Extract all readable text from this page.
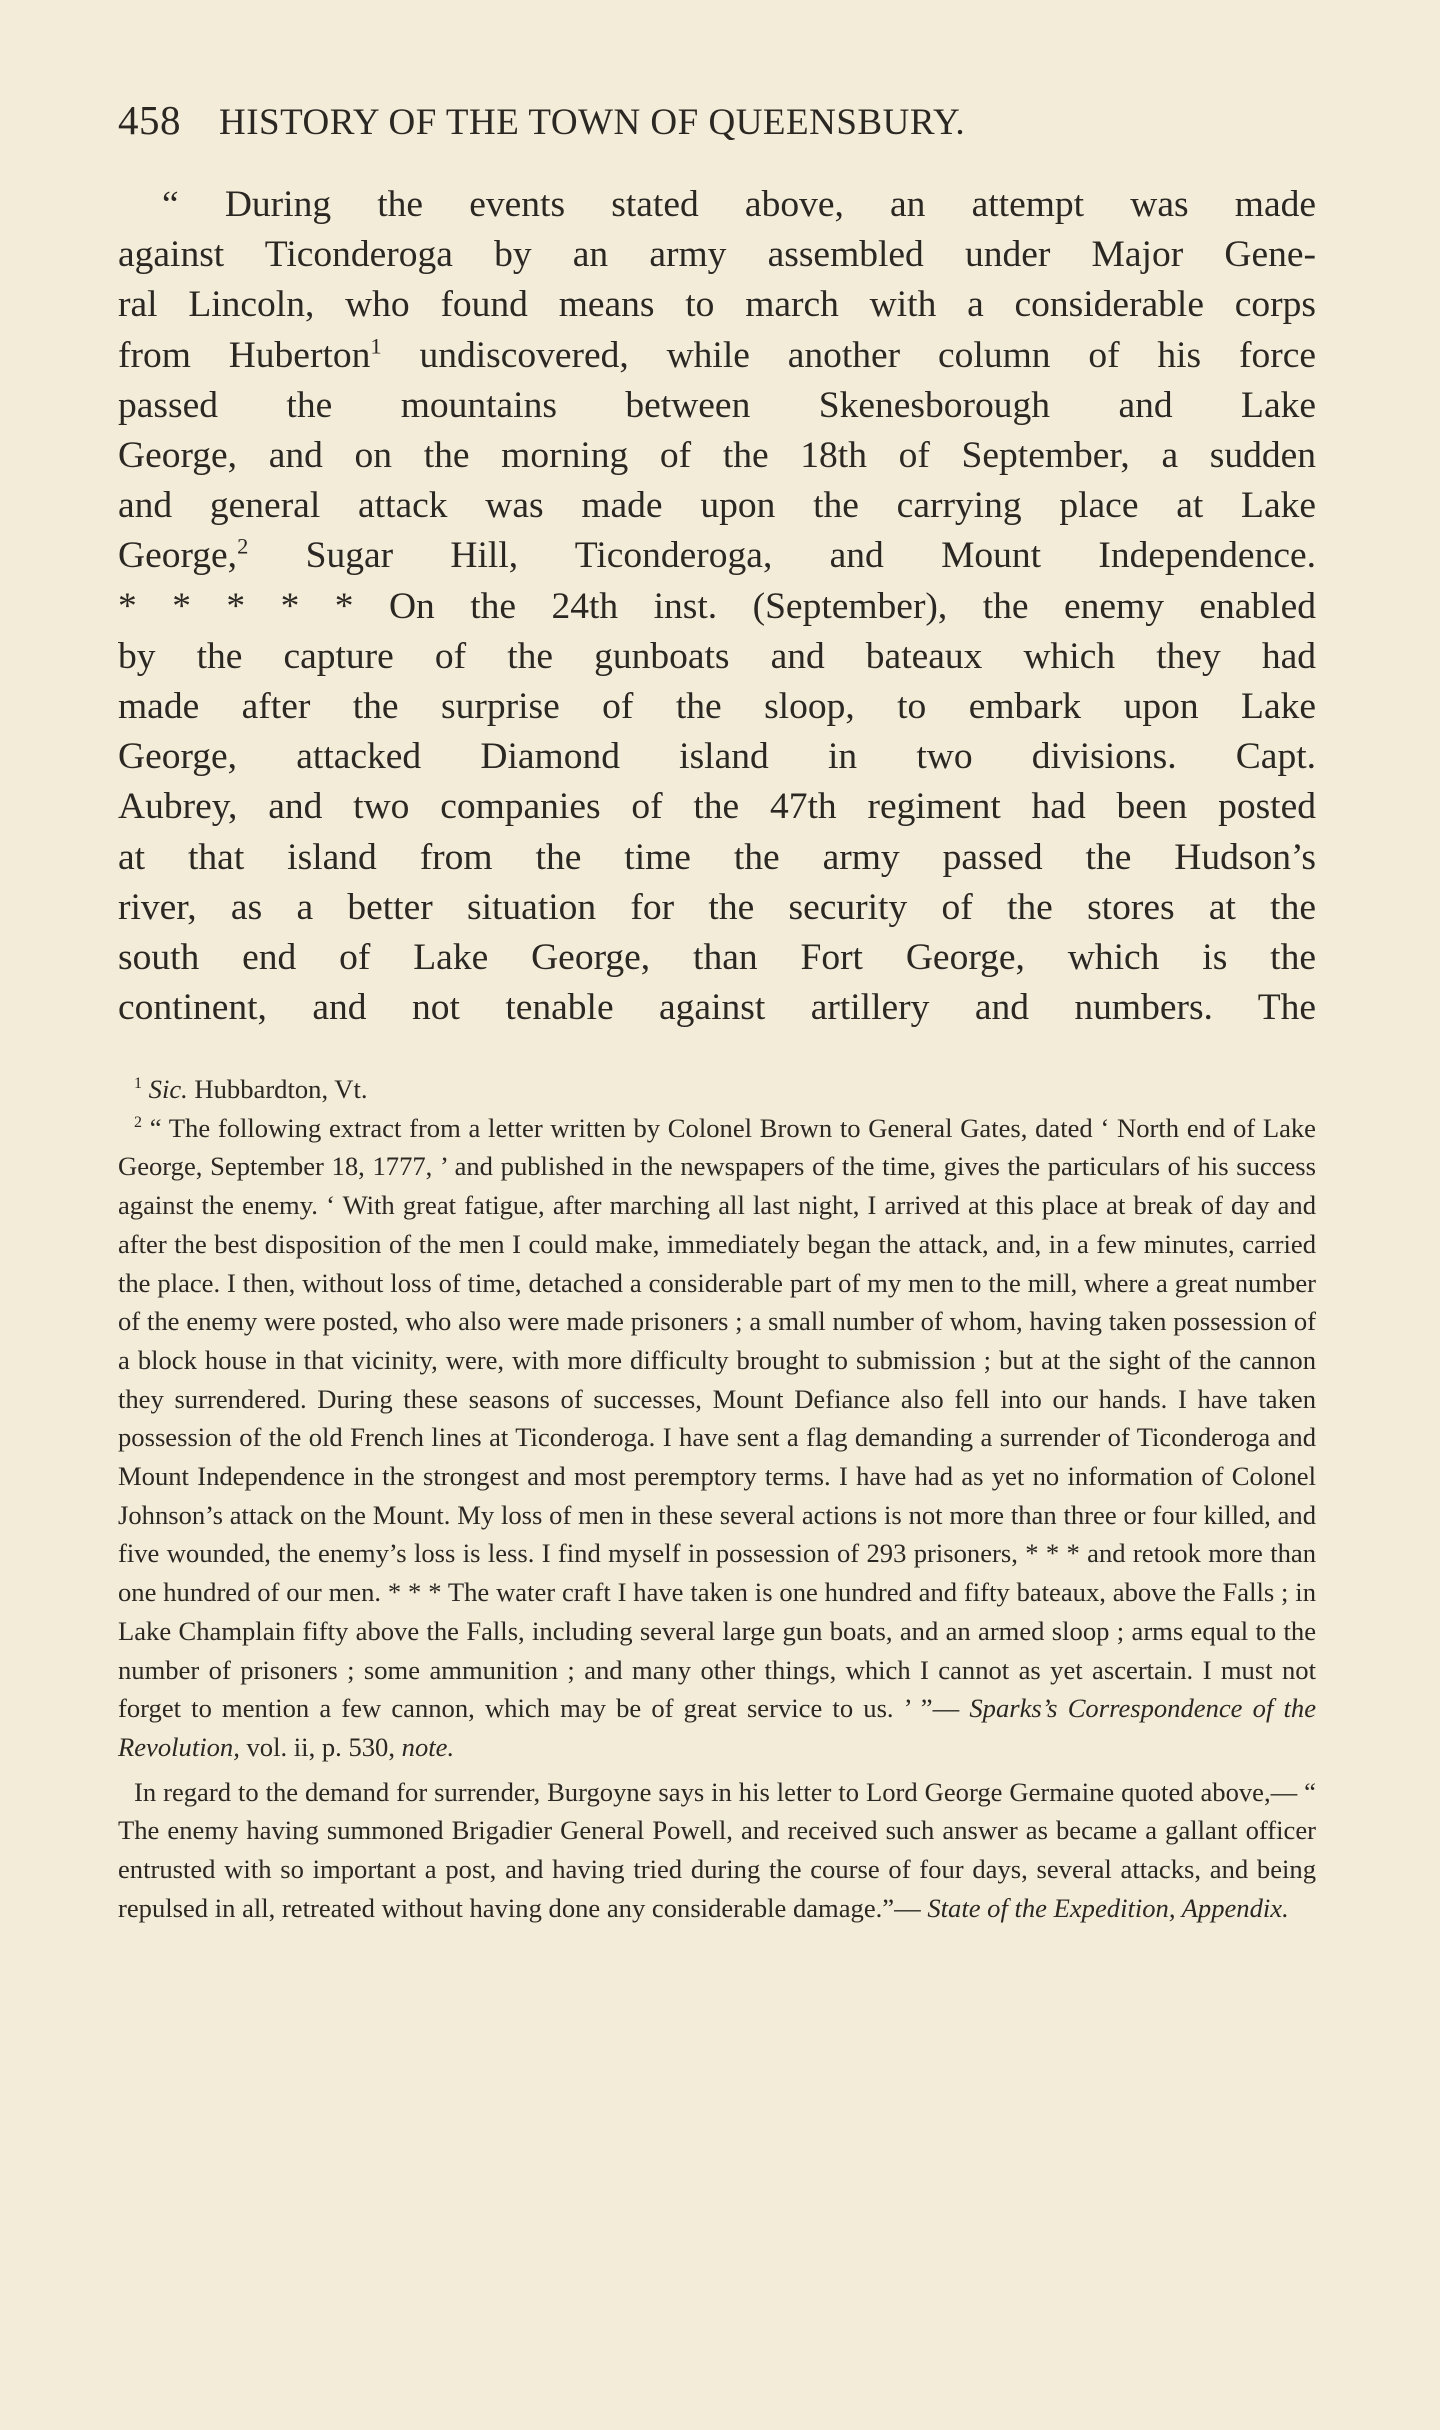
458 HISTORY OF THE TOWN OF QUEENSBURY.
“ During the events stated above, an attempt was made
against Ticonderoga by an army assembled under Major Gene-
ral Lincoln, who found means to march with a considerable corps
from Huberton$^1$ undiscovered, while another column of his force
passed the mountains between Skenesborough and Lake
George, and on the morning of the 18th of September, a sudden
and general attack was made upon the carrying place at Lake
George,$^2$ Sugar Hill, Ticonderoga, and Mount Independence.
* * * * * On the 24th inst. (September), the enemy enabled
by the capture of the gunboats and bateaux which they had
made after the surprise of the sloop, to embark upon Lake
George, attacked Diamond island in two divisions. Capt.
Aubrey, and two companies of the 47th regiment had been posted
at that island from the time the army passed the Hudson’s
river, as a better situation for the security of the stores at the
south end of Lake George, than Fort George, which is the
continent, and not tenable against artillery and numbers. The

$^1$ Sic. Hubbardton, Vt.

$^2$ “ The following extract from a letter written by Colonel Brown to General Gates, dated ‘ North end of Lake George, September 18, 1777, ’ and published in the newspapers of the time, gives the particulars of his success against the enemy. ‘ With great fatigue, after marching all last night, I arrived at this place at break of day and after the best disposition of the men I could make, immediately began the attack, and, in a few minutes, carried the place. I then, without loss of time, detached a considerable part of my men to the mill, where a great number of the enemy were posted, who also were made prisoners ; a small number of whom, having taken possession of a block house in that vicinity, were, with more difficulty brought to submission ; but at the sight of the cannon they surrendered. During these seasons of successes, Mount Defiance also fell into our hands. I have taken possession of the old French lines at Ticonderoga. I have sent a flag demanding a surrender of Ticonderoga and Mount Independence in the strongest and most peremptory terms. I have had as yet no information of Colonel Johnson’s attack on the Mount. My loss of men in these several actions is not more than three or four killed, and five wounded, the enemy’s loss is less. I find myself in possession of 293 prisoners, * * * and retook more than one hundred of our men. * * * The water craft I have taken is one hundred and fifty bateaux, above the Falls ; in Lake Champlain fifty above the Falls, including several large gun boats, and an armed sloop ; arms equal to the number of prisoners ; some ammunition ; and many other things, which I cannot as yet ascertain. I must not forget to mention a few cannon, which may be of great service to us. ’ ”— Sparks’s Correspondence of the Revolution, vol. ii, p. 530, note.

In regard to the demand for surrender, Burgoyne says in his letter to Lord George Germaine quoted above,— “ The enemy having summoned Brigadier General Powell, and received such answer as became a gallant officer entrusted with so important a post, and having tried during the course of four days, several attacks, and being repulsed in all, retreated without having done any considerable damage.”— State of the Expedition, Appendix.
